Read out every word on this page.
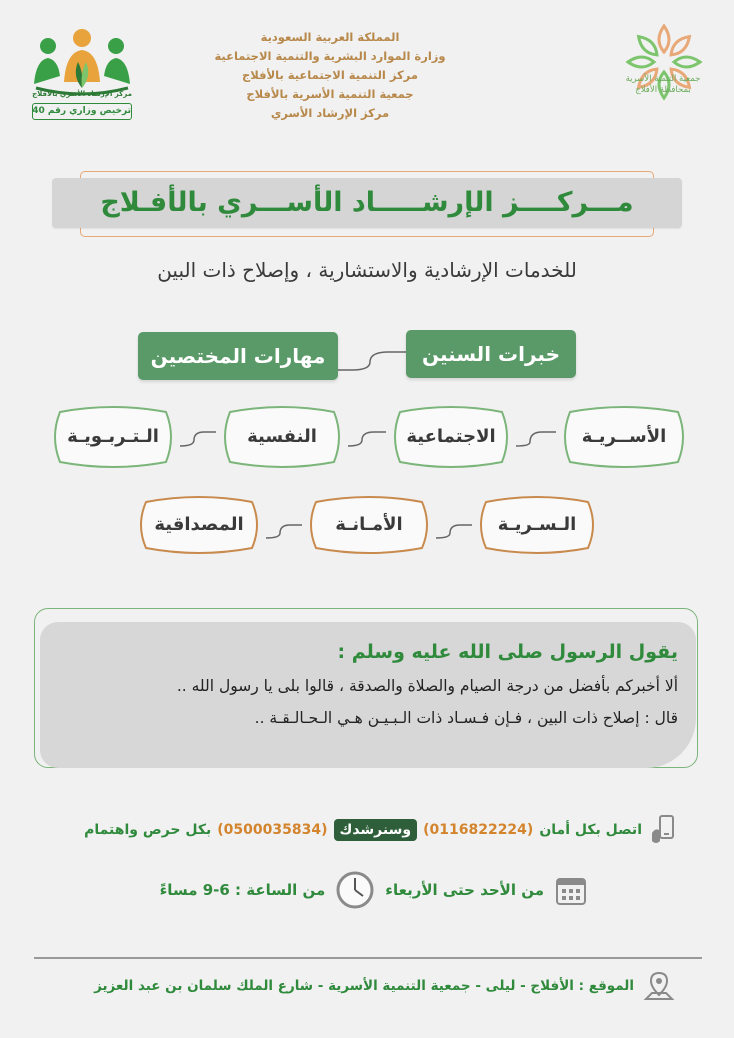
مركز الإرشاد الأسري بالأفلاج
ترخيص وزاري رقم 40
المملكة العربية السعودية
وزارة الموارد البشرية والتنمية الاجتماعية
مركز التنمية الاجتماعية بالأفلاج
جمعية التنمية الأسرية بالأفلاج
مركز الإرشاد الأسري
جمعية التنمية الأسرية
بمحافظة الأفلاج
مـــركــــز الإرشـــــاد الأســـري بالأفـلاج
للخدمات الإرشادية والاستشارية ، وإصلاح ذات البين
خبرات السنين
مهارات المختصين
الأســريـة
الاجتماعية
النفسية
الـتـربـويـة
الـسـريـة
الأمـانـة
المصداقية
يقول الرسول صلى الله عليه وسلم :
ألا أخبركم بأفضل من درجة الصيام والصلاة والصدقة ، قالوا بلى يا رسول الله ..
قال : إصلاح ذات البين ، فـإن فـسـاد ذات الـبـيـن هـي الـحـالـقـة ..
اتصل بكل أمان
(0116822224)
وسنرشدك
(0500035834)
بكل حرص واهتمام
من الأحد حتى الأربعاء
من الساعة : 6-9 مساءً
الموقع : الأفلاج - ليلى - جمعية التنمية الأسرية - شارع الملك سلمان بن عبد العزيز
